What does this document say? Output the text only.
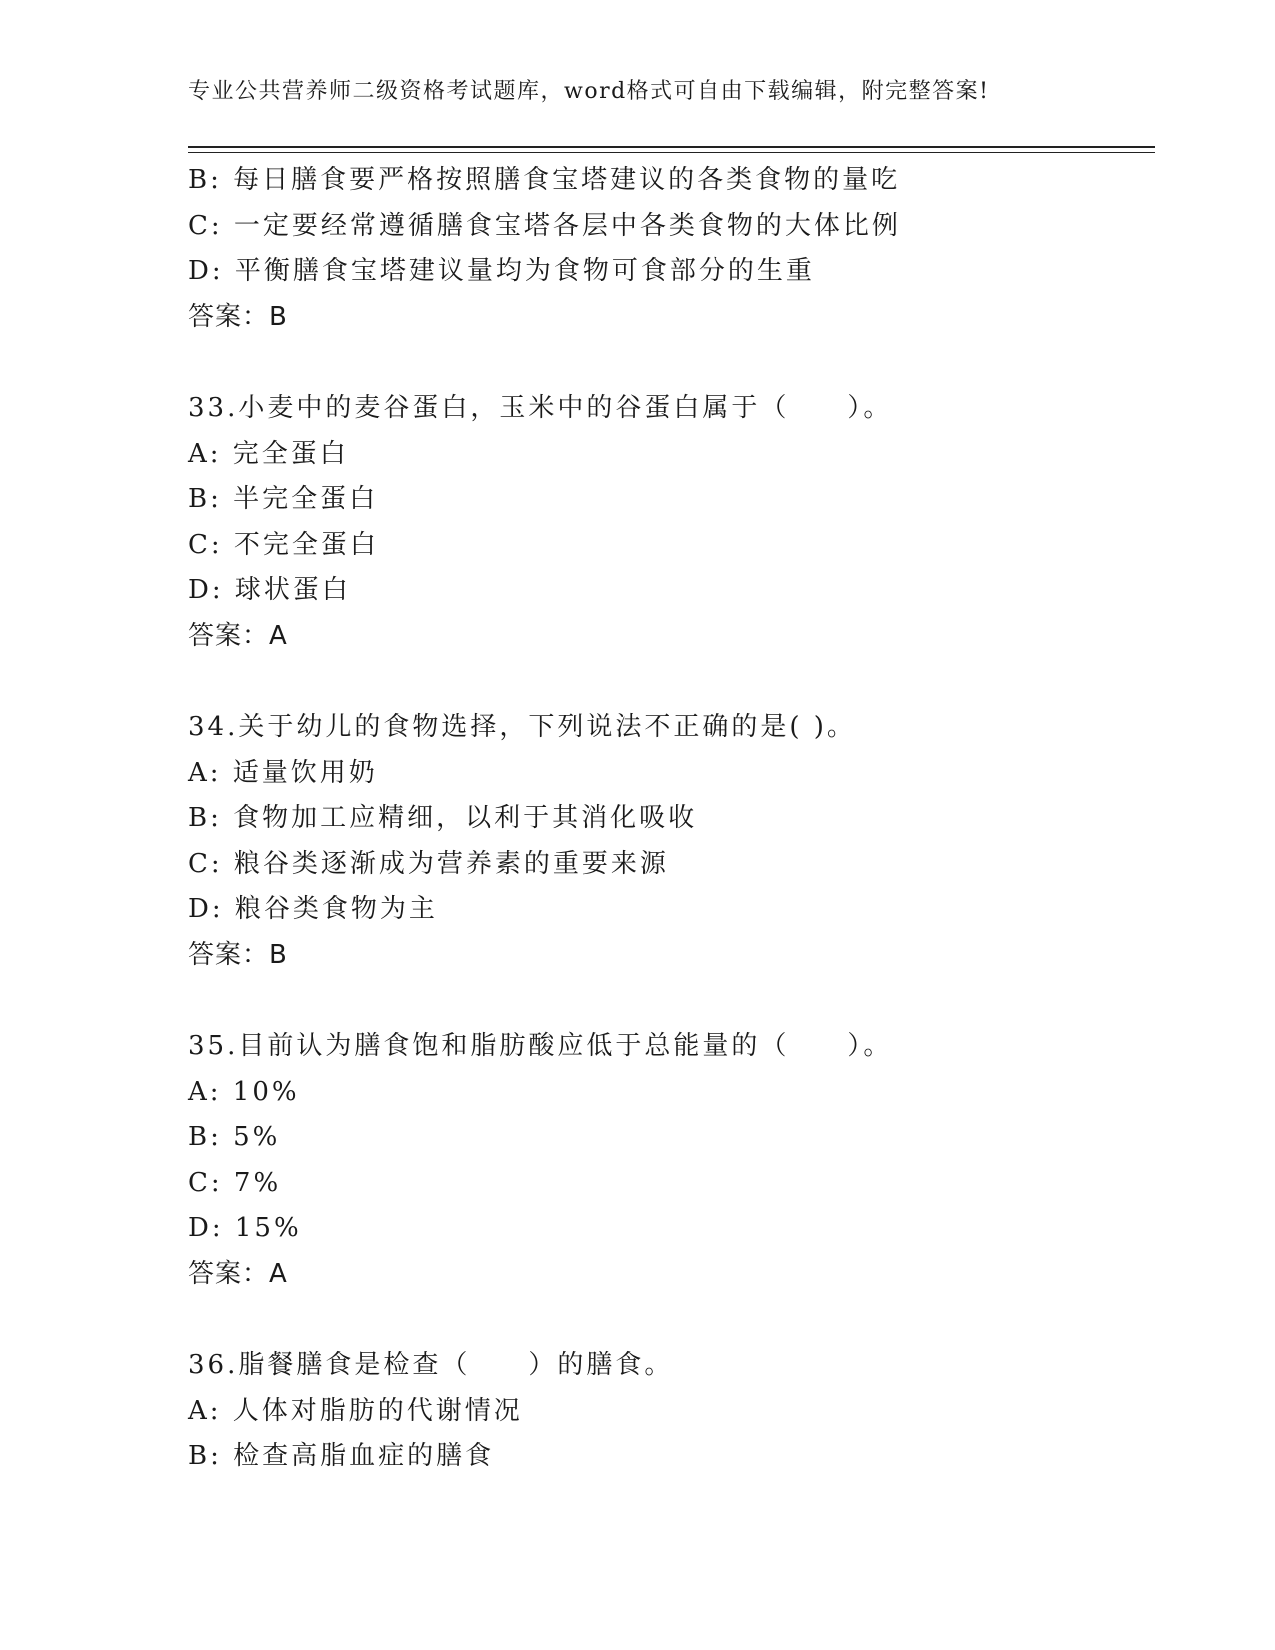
专业公共营养师二级资格考试题库，word格式可自由下载编辑，附完整答案!
B: 每日膳食要严格按照膳食宝塔建议的各类食物的量吃
C: 一定要经常遵循膳食宝塔各层中各类食物的大体比例
D: 平衡膳食宝塔建议量均为食物可食部分的生重
答案：B
33.小麦中的麦谷蛋白，玉米中的谷蛋白属于（　　）。
A: 完全蛋白
B: 半完全蛋白
C: 不完全蛋白
D: 球状蛋白
答案：A
34.关于幼儿的食物选择，下列说法不正确的是( )。
A: 适量饮用奶
B: 食物加工应精细，以利于其消化吸收
C: 粮谷类逐渐成为营养素的重要来源
D: 粮谷类食物为主
答案：B
35.目前认为膳食饱和脂肪酸应低于总能量的（　　）。
A: 10%
B: 5%
C: 7%
D: 15%
答案：A
36.脂餐膳食是检查（　　）的膳食。
A: 人体对脂肪的代谢情况
B: 检查高脂血症的膳食
